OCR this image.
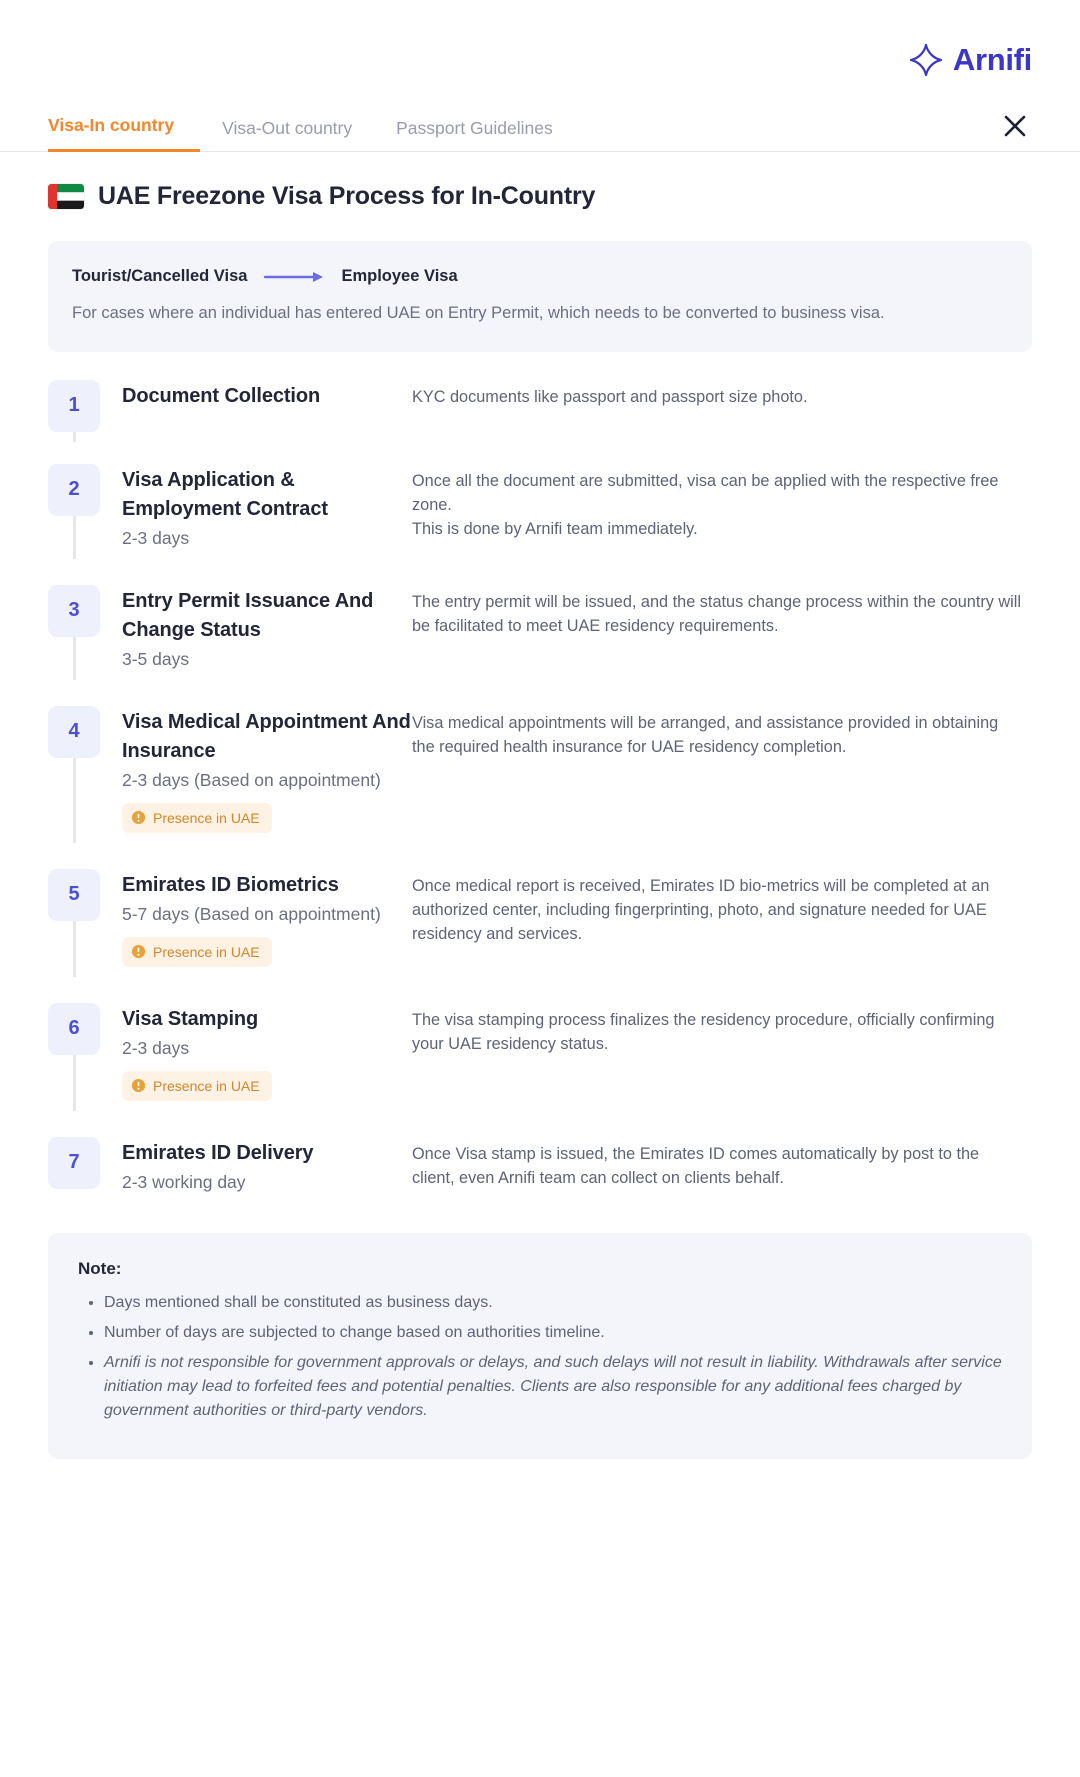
Arnifi
Visa-In country	Visa-Out country	Passport Guidelines
UAE Freezone Visa Process for In-Country
Tourist/Cancelled Visa	Employee Visa
For cases where an individual has entered UAE on Entry Permit, which needs to be converted to business visa.
1	Document Collection	KYC documents like passport and passport size photo.
2	Visa Application & Employment Contract
2-3 days
Once all the document are submitted, visa can be applied with the respective free zone.
This is done by Arnifi team immediately.
3	Entry Permit Issuance And Change Status
3-5 days
The entry permit will be issued, and the status change process within the country will be facilitated to meet UAE residency requirements.
4	Visa Medical Appointment And Insurance
2-3 days (Based on appointment)
Presence in UAE
Visa medical appointments will be arranged, and assistance provided in obtaining the required health insurance for UAE residency completion.
5	Emirates ID Biometrics
5-7 days (Based on appointment)
Presence in UAE
Once medical report is received, Emirates ID bio-metrics will be completed at an authorized center, including fingerprinting, photo, and signature needed for UAE residency and services.
6	Visa Stamping
2-3 days
Presence in UAE
The visa stamping process finalizes the residency procedure, officially confirming your UAE residency status.
7	Emirates ID Delivery
2-3 working day
Once Visa stamp is issued, the Emirates ID comes automatically by post to the client, even Arnifi team can collect on clients behalf.
Note:
• Days mentioned shall be constituted as business days.
• Number of days are subjected to change based on authorities timeline.
• Arnifi is not responsible for government approvals or delays, and such delays will not result in liability. Withdrawals after service initiation may lead to forfeited fees and potential penalties. Clients are also responsible for any additional fees charged by government authorities or third-party vendors.
